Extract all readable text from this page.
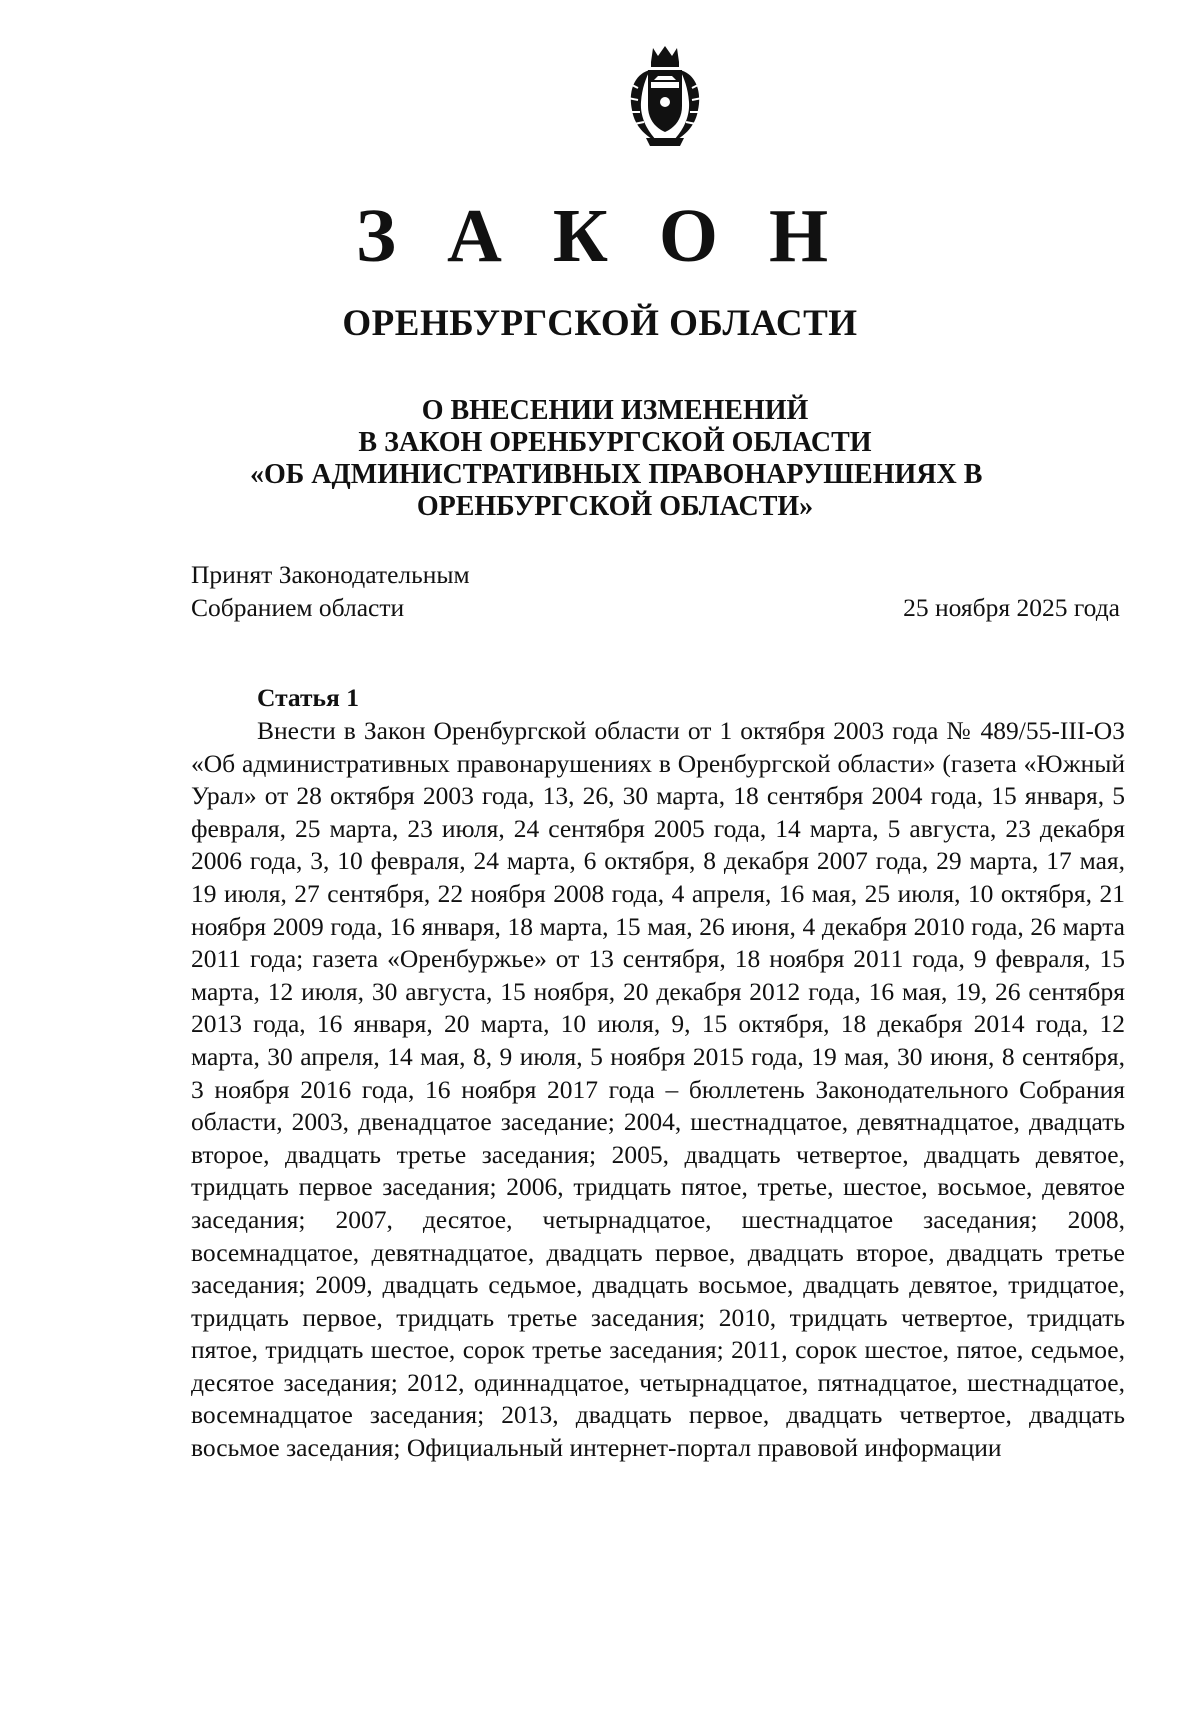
З А К О Н
ОРЕНБУРГСКОЙ ОБЛАСТИ
О ВНЕСЕНИИ ИЗМЕНЕНИЙ
В ЗАКОН ОРЕНБУРГСКОЙ ОБЛАСТИ
«ОБ АДМИНИСТРАТИВНЫХ ПРАВОНАРУШЕНИЯХ В
ОРЕНБУРГСКОЙ ОБЛАСТИ»
Принят Законодательным
Собранием области	25 ноября 2025 года
Статья 1

Внести в Закон Оренбургской области от 1 октября 2003 года № 489/55-III-ОЗ «Об административных правонарушениях в Оренбургской области» (газета «Южный Урал» от 28 октября 2003 года, 13, 26, 30 марта, 18 сентября 2004 года, 15 января, 5 февраля, 25 марта, 23 июля, 24 сентября 2005 года, 14 марта, 5 августа, 23 декабря 2006 года, 3, 10 февраля, 24 марта, 6 октября, 8 декабря 2007 года, 29 марта, 17 мая, 19 июля, 27 сентября, 22 ноября 2008 года, 4 апреля, 16 мая, 25 июля, 10 октября, 21 ноября 2009 года, 16 января, 18 марта, 15 мая, 26 июня, 4 декабря 2010 года, 26 марта 2011 года; газета «Оренбуржье» от 13 сентября, 18 ноября 2011 года, 9 февраля, 15 марта, 12 июля, 30 августа, 15 ноября, 20 декабря 2012 года, 16 мая, 19, 26 сентября 2013 года, 16 января, 20 марта, 10 июля, 9, 15 октября, 18 декабря 2014 года, 12 марта, 30 апреля, 14 мая, 8, 9 июля, 5 ноября 2015 года, 19 мая, 30 июня, 8 сентября, 3 ноября 2016 года, 16 ноября 2017 года – бюллетень Законодательного Собрания области, 2003, двенадцатое заседание; 2004, шестнадцатое, девятнадцатое, двадцать второе, двадцать третье заседания; 2005, двадцать четвертое, двадцать девятое, тридцать первое заседания; 2006, тридцать пятое, третье, шестое, восьмое, девятое заседания; 2007, десятое, четырнадцатое, шестнадцатое заседания; 2008, восемнадцатое, девятнадцатое, двадцать первое, двадцать второе, двадцать третье заседания; 2009, двадцать седьмое, двадцать восьмое, двадцать девятое, тридцатое, тридцать первое, тридцать третье заседания; 2010, тридцать четвертое, тридцать пятое, тридцать шестое, сорок третье заседания; 2011, сорок шестое, пятое, седьмое, десятое заседания; 2012, одиннадцатое, четырнадцатое, пятнадцатое, шестнадцатое, восемнадцатое заседания; 2013, двадцать первое, двадцать четвертое, двадцать восьмое заседания; Официальный интернет-портал правовой информации
